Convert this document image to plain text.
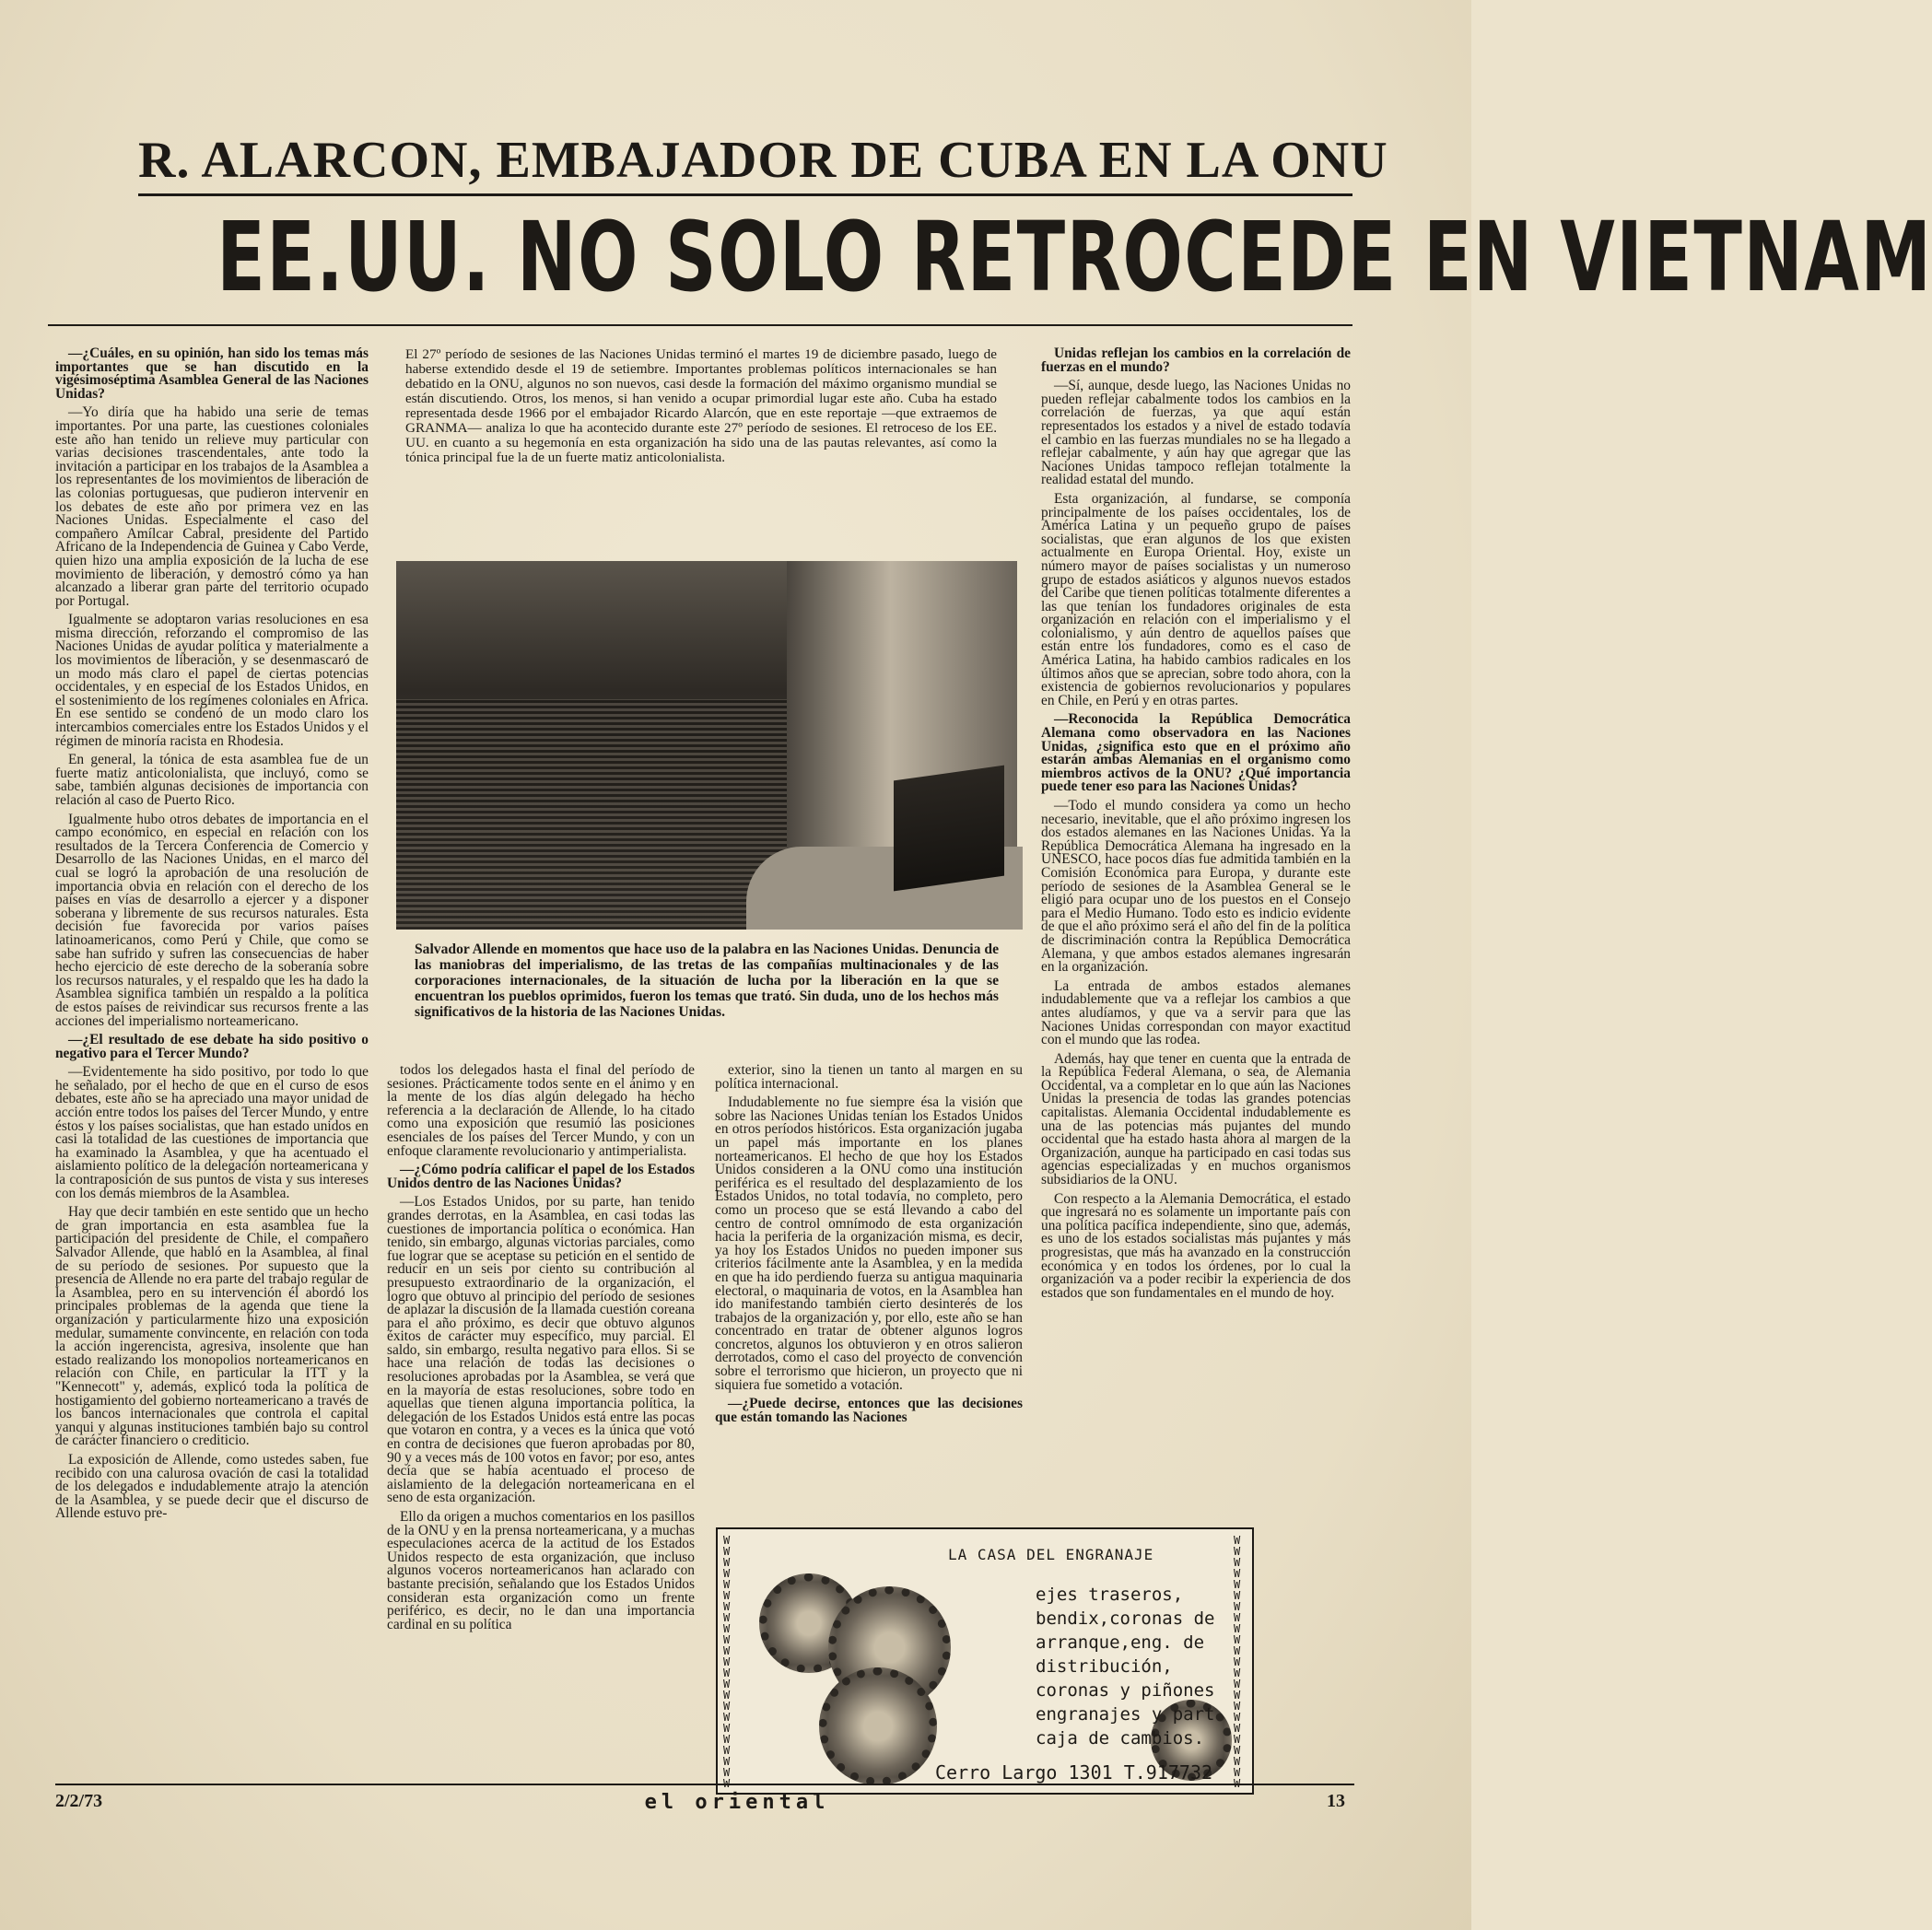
R. ALARCON, EMBAJADOR DE CUBA EN LA ONU
EE.UU. NO SOLO RETROCEDE EN VIETNAM

—¿Cuáles, en su opinión, han sido los temas más importantes que se han discutido en la vigésimoséptima Asamblea General de las Naciones Unidas?

—Yo diría que ha habido una serie de temas importantes. Por una parte, las cuestiones coloniales este año han tenido un relieve muy particular con varias decisiones trascendentales, ante todo la invitación a participar en los trabajos de la Asamblea a los representantes de los movimientos de liberación de las colonias portuguesas, que pudieron intervenir en los debates de este año por primera vez en las Naciones Unidas. Especialmente el caso del compañero Amílcar Cabral, presidente del Partido Africano de la Independencia de Guinea y Cabo Verde, quien hizo una amplia exposición de la lucha de ese movimiento de liberación, y demostró cómo ya han alcanzado a liberar gran parte del territorio ocupado por Portugal.

Igualmente se adoptaron varias resoluciones en esa misma dirección, reforzando el compromiso de las Naciones Unidas de ayudar política y materialmente a los movimientos de liberación, y se desenmascaró de un modo más claro el papel de ciertas potencias occidentales, y en especial de los Estados Unidos, en el sostenimiento de los regímenes coloniales en Africa. En ese sentido se condenó de un modo claro los intercambios comerciales entre los Estados Unidos y el régimen de minoría racista en Rhodesia.

En general, la tónica de esta asamblea fue de un fuerte matiz anticolonialista, que incluyó, como se sabe, también algunas decisiones de importancia con relación al caso de Puerto Rico.

Igualmente hubo otros debates de importancia en el campo económico, en especial en relación con los resultados de la Tercera Conferencia de Comercio y Desarrollo de las Naciones Unidas, en el marco del cual se logró la aprobación de una resolución de importancia obvia en relación con el derecho de los países en vías de desarrollo a ejercer y a disponer soberana y libremente de sus recursos naturales. Esta decisión fue favorecida por varios países latinoamericanos, como Perú y Chile, que como se sabe han sufrido y sufren las consecuencias de haber hecho ejercicio de este derecho de la soberanía sobre los recursos naturales, y el respaldo que les ha dado la Asamblea significa también un respaldo a la política de estos países de reivindicar sus recursos frente a las acciones del imperialismo norteamericano.

—¿El resultado de ese debate ha sido positivo o negativo para el Tercer Mundo?

—Evidentemente ha sido positivo, por todo lo que he señalado, por el hecho de que en el curso de esos debates, este año se ha apreciado una mayor unidad de acción entre todos los países del Tercer Mundo, y entre éstos y los países socialistas, que han estado unidos en casi la totalidad de las cuestiones de importancia que ha examinado la Asamblea, y que ha acentuado el aislamiento político de la delegación norteamericana y la contraposición de sus puntos de vista y sus intereses con los demás miembros de la Asamblea.

Hay que decir también en este sentido que un hecho de gran importancia en esta asamblea fue la participación del presidente de Chile, el compañero Salvador Allende, que habló en la Asamblea, al final de su período de sesiones. Por supuesto que la presencia de Allende no era parte del trabajo regular de la Asamblea, pero en su intervención él abordó los principales problemas de la agenda que tiene la organización y particularmente hizo una exposición medular, sumamente convincente, en relación con toda la acción ingerencista, agresiva, insolente que han estado realizando los monopolios norteamericanos en relación con Chile, en particular la ITT y la "Kennecott" y, además, explicó toda la política de hostigamiento del gobierno norteamericano a través de los bancos internacionales que controla el capital yanqui y algunas instituciones también bajo su control de carácter financiero o crediticio.

La exposición de Allende, como ustedes saben, fue recibido con una calurosa ovación de casi la totalidad de los delegados e indudablemente atrajo la atención de la Asamblea, y se puede decir que el discurso de Allende estuvo pre-

El 27º período de sesiones de las Naciones Unidas terminó el martes 19 de diciembre pasado, luego de haberse extendido desde el 19 de setiembre. Importantes problemas políticos internacionales se han debatido en la ONU, algunos no son nuevos, casi desde la formación del máximo organismo mundial se están discutiendo. Otros, los menos, si han venido a ocupar primordial lugar este año. Cuba ha estado representada desde 1966 por el embajador Ricardo Alarcón, que en este reportaje —que extraemos de GRANMA— analiza lo que ha acontecido durante este 27º período de sesiones. El retroceso de los EE. UU. en cuanto a su hegemonía en esta organización ha sido una de las pautas relevantes, así como la tónica principal fue la de un fuerte matiz anticolonialista.
Salvador Allende en momentos que hace uso de la palabra en las Naciones Unidas. Denuncia de las maniobras del imperialismo, de las tretas de las compañías multinacionales y de las corporaciones internacionales, de la situación de lucha por la liberación en la que se encuentran los pueblos oprimidos, fueron los temas que trató. Sin duda, uno de los hechos más significativos de la historia de las Naciones Unidas.

todos los delegados hasta el final del período de sesiones. Prácticamente todos sente en el ánimo y en la mente de los días algún delegado ha hecho referencia a la declaración de Allende, lo ha citado como una exposición que resumió las posiciones esenciales de los países del Tercer Mundo, y con un enfoque claramente revolucionario y antimperialista.

—¿Cómo podría calificar el papel de los Estados Unidos dentro de las Naciones Unidas?

—Los Estados Unidos, por su parte, han tenido grandes derrotas, en la Asamblea, en casi todas las cuestiones de importancia política o económica. Han tenido, sin embargo, algunas victorias parciales, como fue lograr que se aceptase su petición en el sentido de reducir en un seis por ciento su contribución al presupuesto extraordinario de la organización, el logro que obtuvo al principio del período de sesiones de aplazar la discusión de la llamada cuestión coreana para el año próximo, es decir que obtuvo algunos éxitos de carácter muy específico, muy parcial. El saldo, sin embargo, resulta negativo para ellos. Si se hace una relación de todas las decisiones o resoluciones aprobadas por la Asamblea, se verá que en la mayoría de estas resoluciones, sobre todo en aquellas que tienen alguna importancia política, la delegación de los Estados Unidos está entre las pocas que votaron en contra, y a veces es la única que votó en contra de decisiones que fueron aprobadas por 80, 90 y a veces más de 100 votos en favor; por eso, antes decía que se había acentuado el proceso de aislamiento de la delegación norteamericana en el seno de esta organización.

Ello da origen a muchos comentarios en los pasillos de la ONU y en la prensa norteamericana, y a muchas especulaciones acerca de la actitud de los Estados Unidos respecto de esta organización, que incluso algunos voceros norteamericanos han aclarado con bastante precisión, señalando que los Estados Unidos consideran esta organización como un frente periférico, es decir, no le dan una importancia cardinal en su política

exterior, sino la tienen un tanto al margen en su política internacional.

Indudablemente no fue siempre ésa la visión que sobre las Naciones Unidas tenían los Estados Unidos en otros períodos históricos. Esta organización jugaba un papel más importante en los planes norteamericanos. El hecho de que hoy los Estados Unidos consideren a la ONU como una institución periférica es el resultado del desplazamiento de los Estados Unidos, no total todavía, no completo, pero como un proceso que se está llevando a cabo del centro de control omnímodo de esta organización hacia la periferia de la organización misma, es decir, ya hoy los Estados Unidos no pueden imponer sus criterios fácilmente ante la Asamblea, y en la medida en que ha ido perdiendo fuerza su antigua maquinaria electoral, o maquinaria de votos, en la Asamblea han ido manifestando también cierto desinterés de los trabajos de la organización y, por ello, este año se han concentrado en tratar de obtener algunos logros concretos, algunos los obtuvieron y en otros salieron derrotados, como el caso del proyecto de convención sobre el terrorismo que hicieron, un proyecto que ni siquiera fue sometido a votación.

—¿Puede decirse, entonces que las decisiones que están tomando las Naciones

Unidas reflejan los cambios en la correlación de fuerzas en el mundo?

—Sí, aunque, desde luego, las Naciones Unidas no pueden reflejar cabalmente todos los cambios en la correlación de fuerzas, ya que aquí están representados los estados y a nivel de estado todavía el cambio en las fuerzas mundiales no se ha llegado a reflejar cabalmente, y aún hay que agregar que las Naciones Unidas tampoco reflejan totalmente la realidad estatal del mundo.

Esta organización, al fundarse, se componía principalmente de los países occidentales, los de América Latina y un pequeño grupo de países socialistas, que eran algunos de los que existen actualmente en Europa Oriental. Hoy, existe un número mayor de países socialistas y un numeroso grupo de estados asiáticos y algunos nuevos estados del Caribe que tienen políticas totalmente diferentes a las que tenían los fundadores originales de esta organización en relación con el imperialismo y el colonialismo, y aún dentro de aquellos países que están entre los fundadores, como es el caso de América Latina, ha habido cambios radicales en los últimos años que se aprecian, sobre todo ahora, con la existencia de gobiernos revolucionarios y populares en Chile, en Perú y en otras partes.

—Reconocida la República Democrática Alemana como observadora en las Naciones Unidas, ¿significa esto que en el próximo año estarán ambas Alemanias en el organismo como miembros activos de la ONU? ¿Qué importancia puede tener eso para las Naciones Unidas?

—Todo el mundo considera ya como un hecho necesario, inevitable, que el año próximo ingresen los dos estados alemanes en las Naciones Unidas. Ya la República Democrática Alemana ha ingresado en la UNESCO, hace pocos días fue admitida también en la Comisión Económica para Europa, y durante este período de sesiones de la Asamblea General se le eligió para ocupar uno de los puestos en el Consejo para el Medio Humano. Todo esto es indicio evidente de que el año próximo será el año del fin de la política de discriminación contra la República Democrática Alemana, y que ambos estados alemanes ingresarán en la organización.

La entrada de ambos estados alemanes indudablemente que va a reflejar los cambios a que antes aludíamos, y que va a servir para que las Naciones Unidas correspondan con mayor exactitud con el mundo que las rodea.

Además, hay que tener en cuenta que la entrada de la República Federal Alemana, o sea, de Alemania Occidental, va a completar en lo que aún las Naciones Unidas la presencia de todas las grandes potencias capitalistas. Alemania Occidental indudablemente es una de las potencias más pujantes del mundo occidental que ha estado hasta ahora al margen de la Organización, aunque ha participado en casi todas sus agencias especializadas y en muchos organismos subsidiarios de la ONU.

Con respecto a la Alemania Democrática, el estado que ingresará no es solamente un importante país con una política pacífica independiente, sino que, además, es uno de los estados socialistas más pujantes y más progresistas, que más ha avanzado en la construcción económica y en todos los órdenes, por lo cual la organización va a poder recibir la experiencia de dos estados que son fundamentales en el mundo de hoy.

W
W
W
W
W
W
W
W
W
W
W
W
W
W
W
W
W
W
W
W
W
W

W
W
W
W
W
W
W
W
W
W
W
W
W
W
W
W
W
W
W
W
W
W

LA CASA DEL ENGRANAJE
ejes traseros,
bendix,coronas de
arranque,eng. de
distribución,
coronas y piñones
engranajes y part
caja de cambios.
Cerro Largo 1301 T.917732
2/2/73	el oriental	13
